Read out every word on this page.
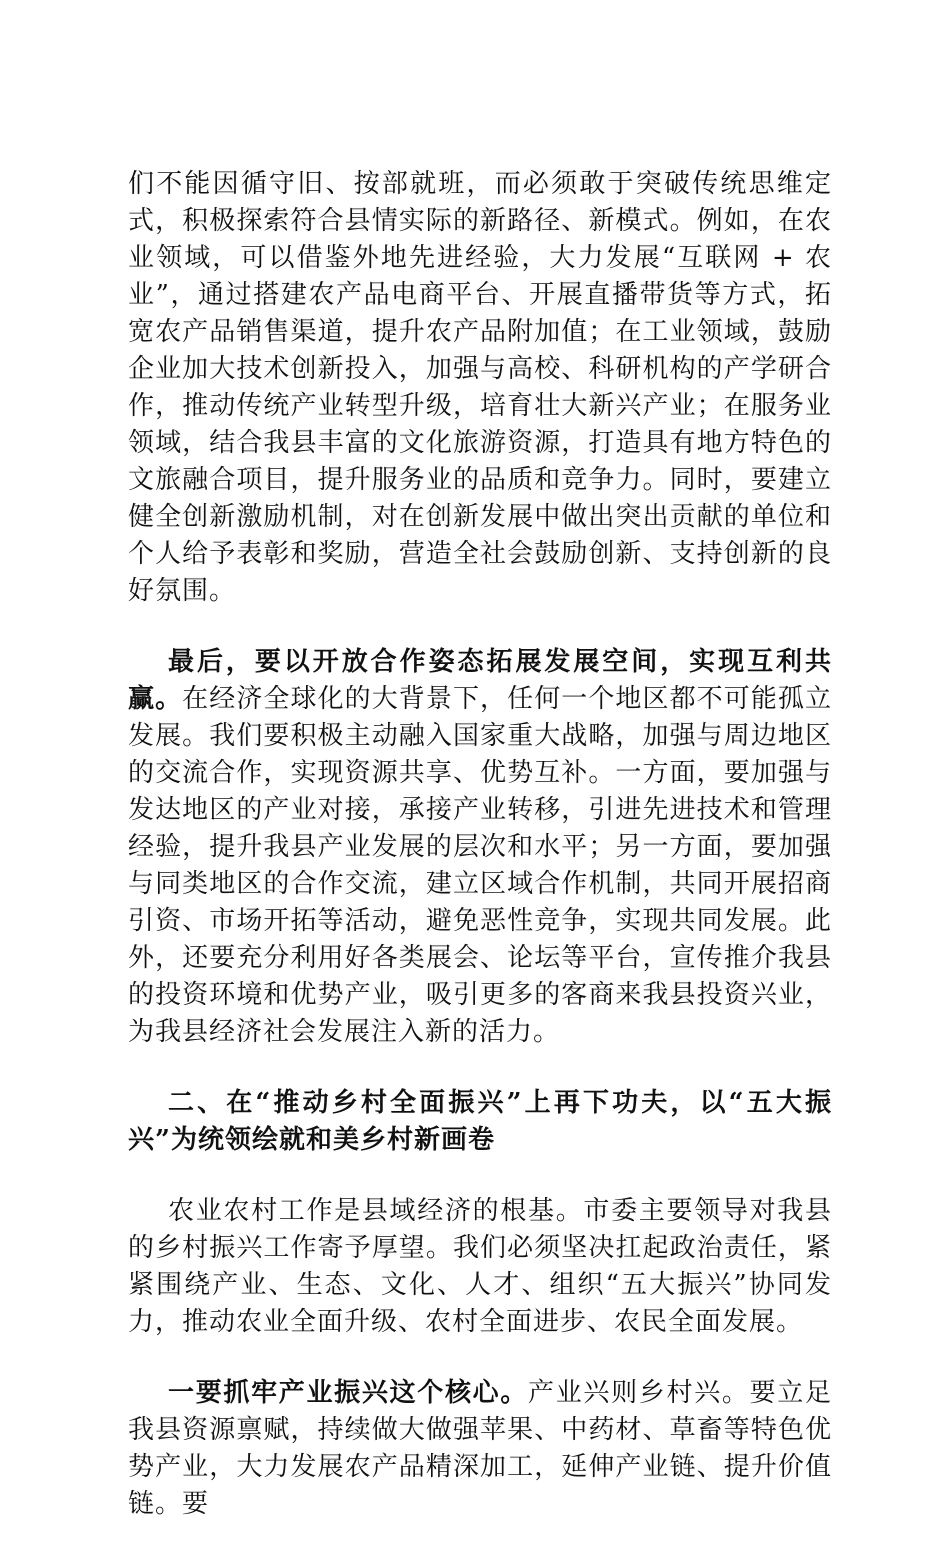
们不能因循守旧、按部就班，而必须敢于突破传统思维定式，积极探索符合县情实际的新路径、新模式。例如，在农业领域，可以借鉴外地先进经验，大力发展“互联网 + 农业”，通过搭建农产品电商平台、开展直播带货等方式，拓宽农产品销售渠道，提升农产品附加值；在工业领域，鼓励企业加大技术创新投入，加强与高校、科研机构的产学研合作，推动传统产业转型升级，培育壮大新兴产业；在服务业领域，结合我县丰富的文化旅游资源，打造具有地方特色的文旅融合项目，提升服务业的品质和竞争力。同时，要建立健全创新激励机制，对在创新发展中做出突出贡献的单位和个人给予表彰和奖励，营造全社会鼓励创新、支持创新的良好氛围。

最后，要以开放合作姿态拓展发展空间，实现互利共赢。在经济全球化的大背景下，任何一个地区都不可能孤立发展。我们要积极主动融入国家重大战略，加强与周边地区的交流合作，实现资源共享、优势互补。一方面，要加强与发达地区的产业对接，承接产业转移，引进先进技术和管理经验，提升我县产业发展的层次和水平；另一方面，要加强与同类地区的合作交流，建立区域合作机制，共同开展招商引资、市场开拓等活动，避免恶性竞争，实现共同发展。此外，还要充分利用好各类展会、论坛等平台，宣传推介我县的投资环境和优势产业，吸引更多的客商来我县投资兴业，为我县经济社会发展注入新的活力。

二、在“推动乡村全面振兴”上再下功夫，以“五大振兴”为统领绘就和美乡村新画卷

农业农村工作是县域经济的根基。市委主要领导对我县的乡村振兴工作寄予厚望。我们必须坚决扛起政治责任，紧紧围绕产业、生态、文化、人才、组织“五大振兴”协同发力，推动农业全面升级、农村全面进步、农民全面发展。

一要抓牢产业振兴这个核心。产业兴则乡村兴。要立足我县资源禀赋，持续做大做强苹果、中药材、草畜等特色优势产业，大力发展农产品精深加工，延伸产业链、提升价值链。要
